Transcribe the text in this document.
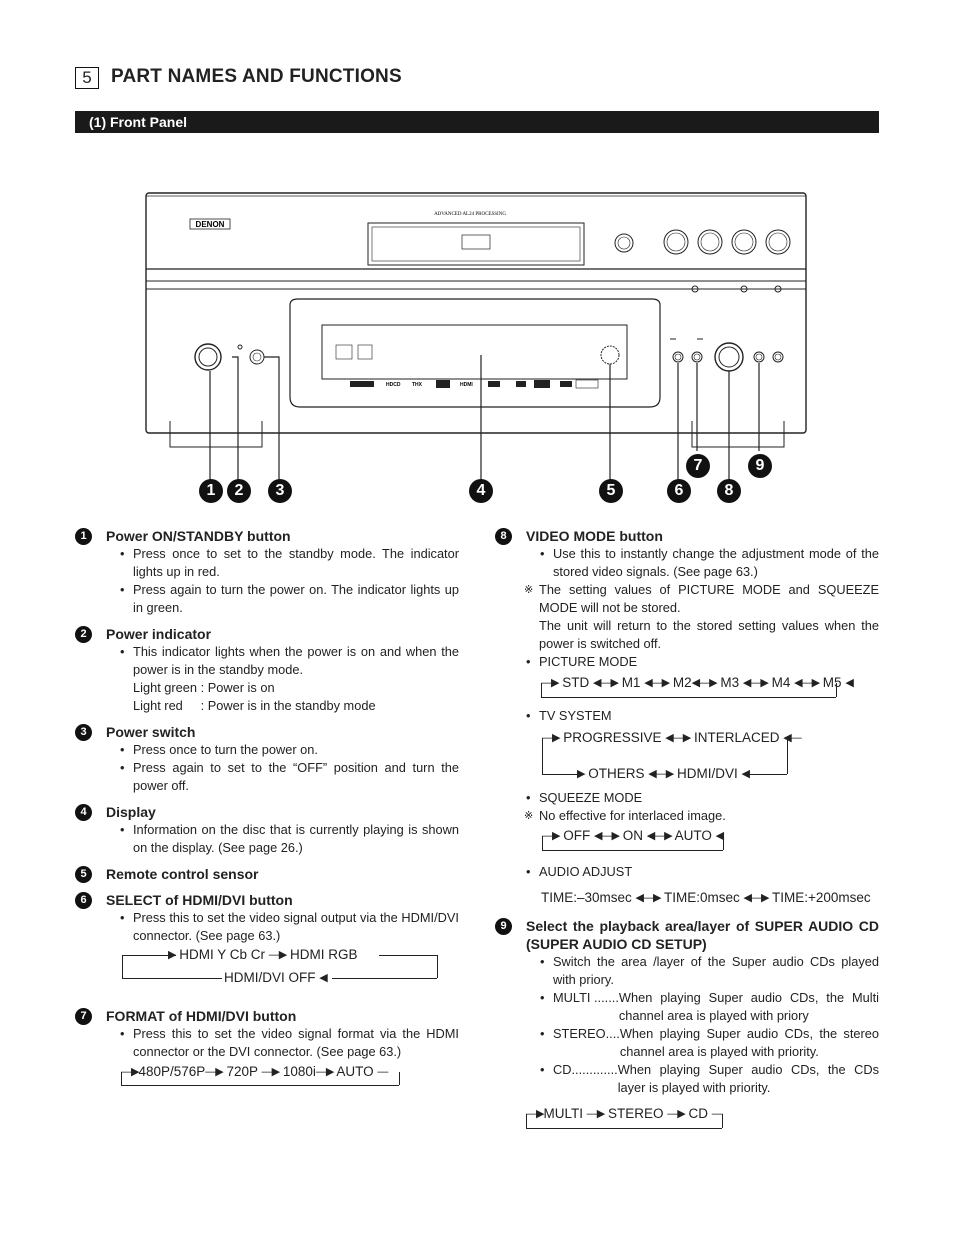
5	PART NAMES AND FUNCTIONS
(1) Front Panel
DENON
ADVANCED AL24 PROCESSING
HDCD THX	HDMI
1	2	3	4	5	6
7
8
9
1	Power ON/STANDBY button
• Press once to set to the standby mode. The indicator lights up in red.
• Press again to turn the power on. The indicator lights up in green.
2	Power indicator
• This indicator lights when the power is on and when the power is in the standby mode.
Light green : Power is on
Light red     : Power is in the standby mode
3	Power switch
• Press once to turn the power on.
• Press again to set to the “OFF” position and turn the power off.
4	Display
• Information on the disc that is currently playing is shown on the display. (See page 26.)
5	Remote control sensor
6	SELECT of HDMI/DVI button
• Press this to set the video signal output via the HDMI/DVI connector. (See page 63.)
▶ HDMI Y Cb Cr —▶ HDMI RGB
HDMI/DVI OFF ◀
7	FORMAT of HDMI/DVI button
• Press this to set the video signal format via the HDMI connector or the DVI connector. (See page 63.)
—▶480P/576P—▶ 720P —▶ 1080i—▶ AUTO —
8	VIDEO MODE button
• Use this to instantly change the adjustment mode of the stored video signals. (See page 63.)
※ The setting values of PICTURE MODE and SQUEEZE MODE will not be stored.
The unit will return to the stored setting values when the power is switched off.
• PICTURE MODE
—▶ STD ◀—▶ M1 ◀—▶ M2◀—▶ M3 ◀—▶ M4 ◀—▶ M5 ◀
• TV SYSTEM
—▶ PROGRESSIVE ◀—▶ INTERLACED ◀—
▶ OTHERS ◀—▶ HDMI/DVI ◀
• SQUEEZE MODE
※ No effective for interlaced image.
—▶ OFF ◀—▶ ON ◀—▶ AUTO ◀
• AUDIO ADJUST
TIME:–30msec ◀—▶ TIME:0msec ◀—▶ TIME:+200msec
9	Select the playback area/layer of SUPER AUDIO CD (SUPER AUDIO CD SETUP)
• Switch the area /layer of the Super audio CDs played with priory.
• MULTI ....... When playing Super audio CDs, the Multi channel area is played with priory
• STEREO.... When playing Super audio CDs, the stereo channel area is played with priority.
• CD............. When playing Super audio CDs, the CDs layer is played with priority.
—▶MULTI —▶ STEREO —▶ CD —
